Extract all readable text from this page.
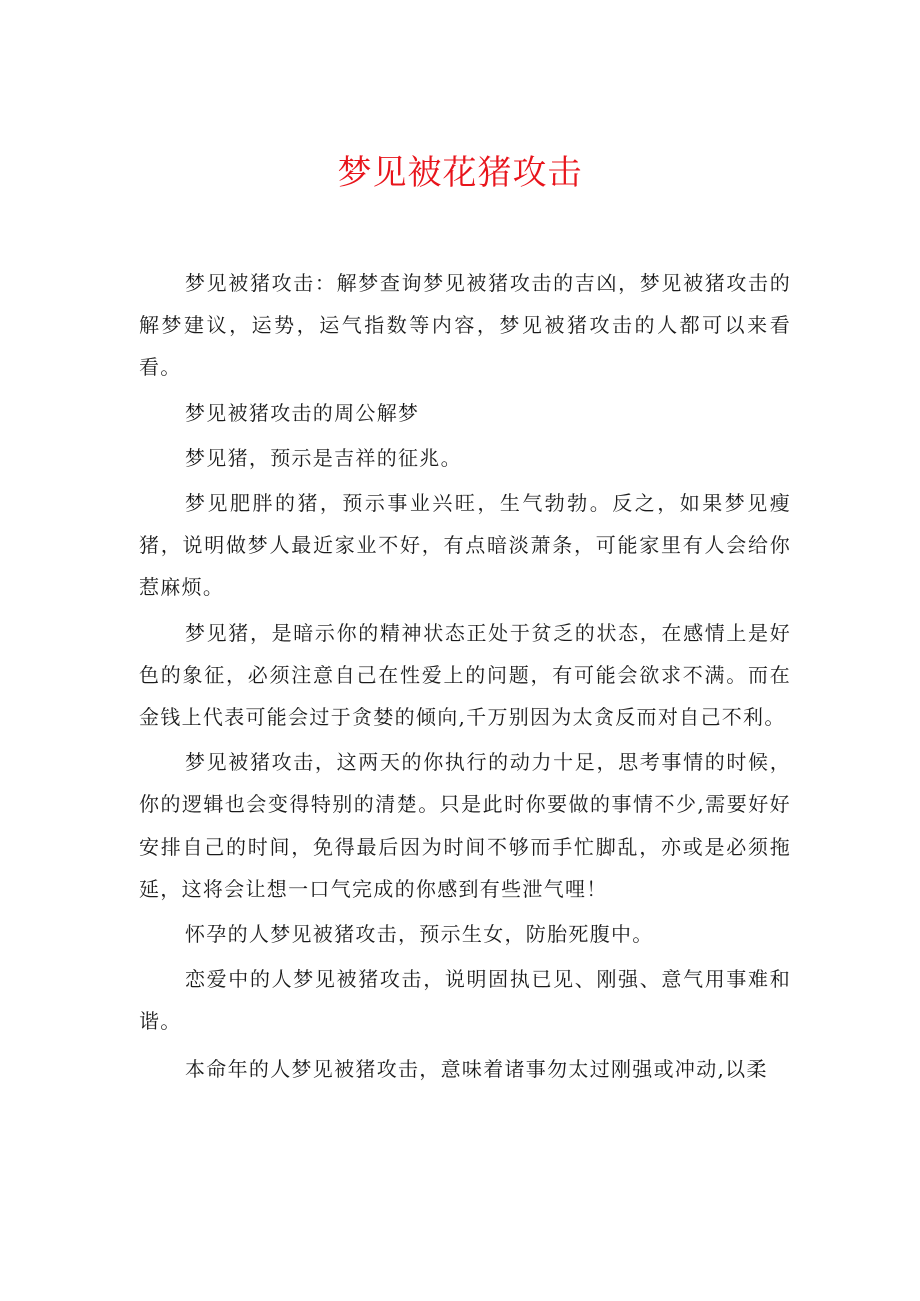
梦见被花猪攻击

梦见被猪攻击：解梦查询梦见被猪攻击的吉凶，梦见被猪攻击的解梦建议，运势，运气指数等内容，梦见被猪攻击的人都可以来看看。

梦见被猪攻击的周公解梦

梦见猪，预示是吉祥的征兆。

梦见肥胖的猪，预示事业兴旺，生气勃勃。反之，如果梦见瘦猪，说明做梦人最近家业不好，有点暗淡萧条，可能家里有人会给你惹麻烦。

梦见猪，是暗示你的精神状态正处于贫乏的状态，在感情上是好色的象征，必须注意自己在性爱上的问题，有可能会欲求不满。而在金钱上代表可能会过于贪婪的倾向,千万别因为太贪反而对自己不利。

梦见被猪攻击，这两天的你执行的动力十足，思考事情的时候，你的逻辑也会变得特别的清楚。只是此时你要做的事情不少,需要好好安排自己的时间，免得最后因为时间不够而手忙脚乱，亦或是必须拖延，这将会让想一口气完成的你感到有些泄气哩！

怀孕的人梦见被猪攻击，预示生女，防胎死腹中。

恋爱中的人梦见被猪攻击，说明固执已见、刚强、意气用事难和谐。

本命年的人梦见被猪攻击，意味着诸事勿太过刚强或冲动,以柔
